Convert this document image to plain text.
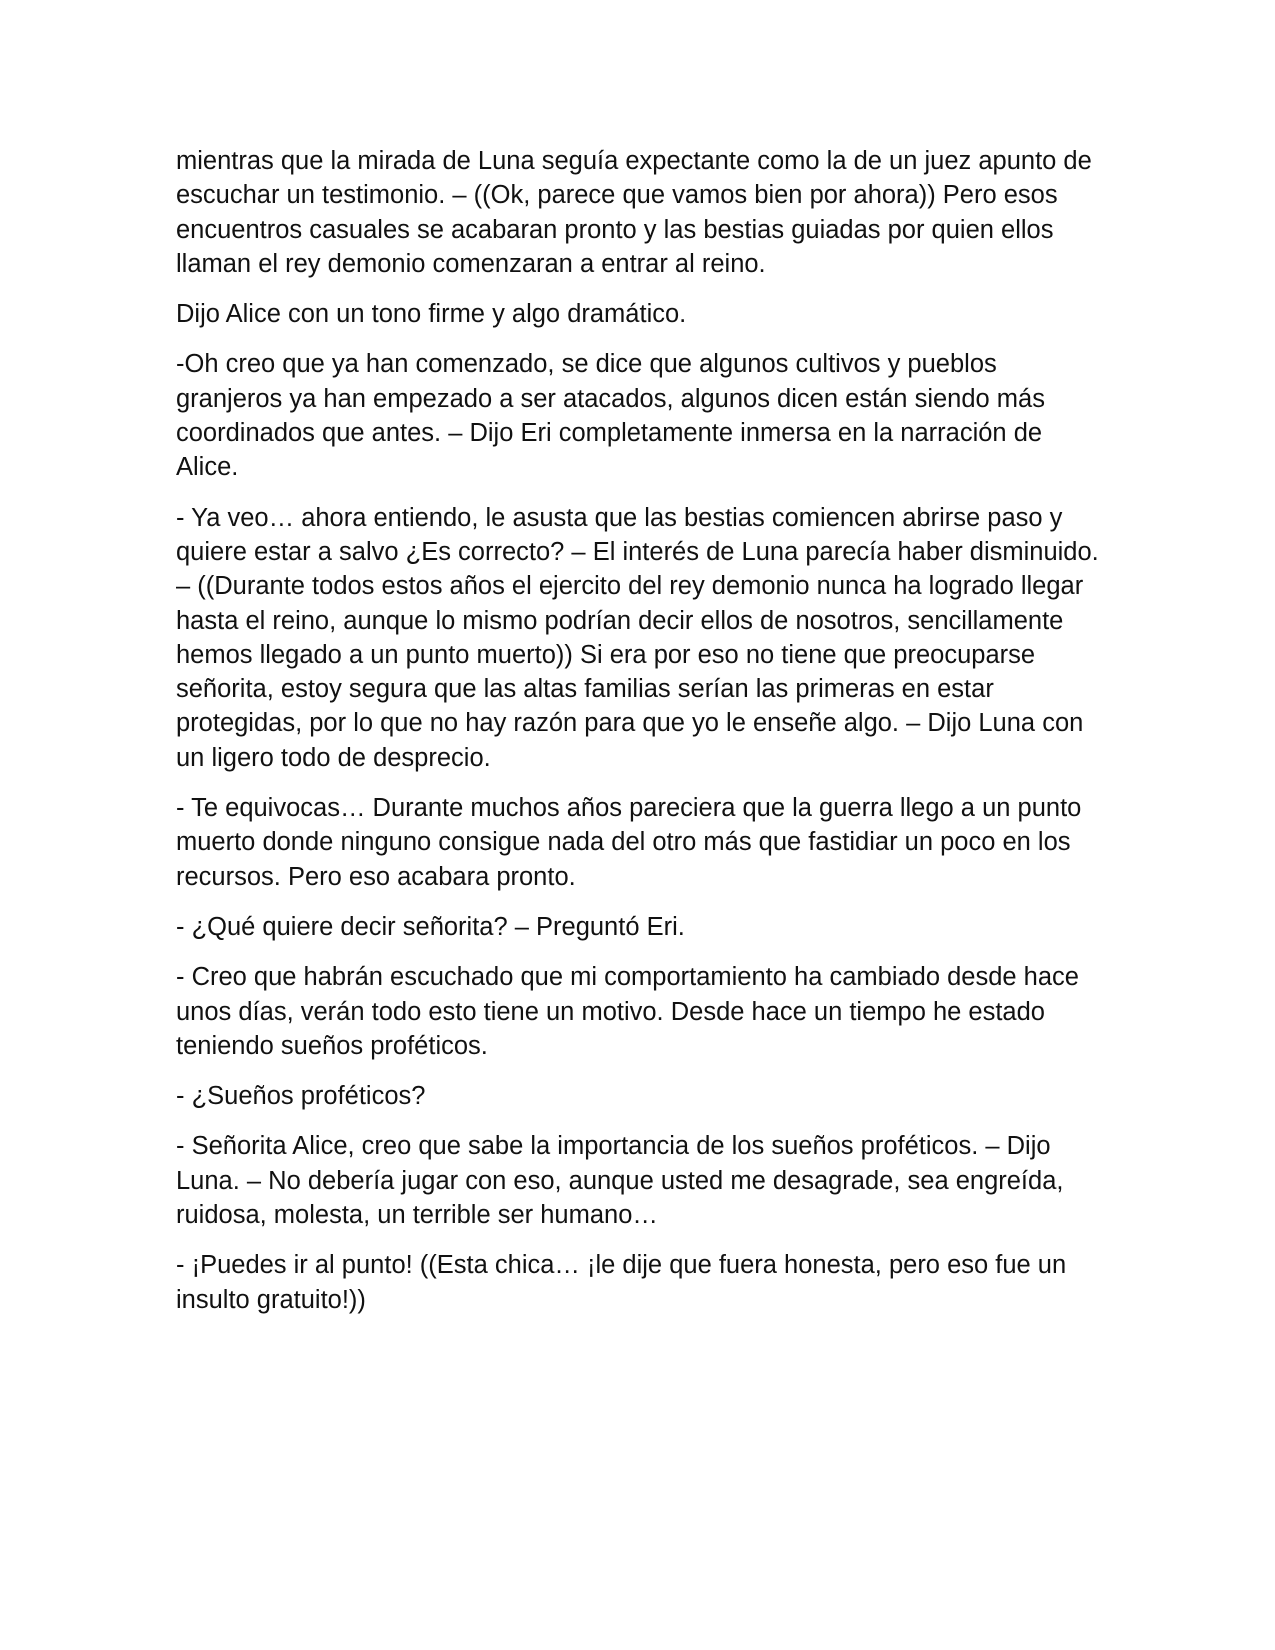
mientras que la mirada de Luna seguía expectante como la de un juez apunto de escuchar un testimonio. – ((Ok, parece que vamos bien por ahora)) Pero esos encuentros casuales se acabaran pronto y las bestias guiadas por quien ellos llaman el rey demonio comenzaran a entrar al reino.

Dijo Alice con un tono firme y algo dramático.

-Oh creo que ya han comenzado, se dice que algunos cultivos y pueblos granjeros ya han empezado a ser atacados, algunos dicen están siendo más coordinados que antes. – Dijo Eri completamente inmersa en la narración de Alice.

- Ya veo… ahora entiendo, le asusta que las bestias comiencen abrirse paso y quiere estar a salvo ¿Es correcto? – El interés de Luna parecía haber disminuido. – ((Durante todos estos años el ejercito del rey demonio nunca ha logrado llegar hasta el reino, aunque lo mismo podrían decir ellos de nosotros, sencillamente hemos llegado a un punto muerto)) Si era por eso no tiene que preocuparse señorita, estoy segura que las altas familias serían las primeras en estar protegidas, por lo que no hay razón para que yo le enseñe algo. – Dijo Luna con un ligero todo de desprecio.

- Te equivocas… Durante muchos años pareciera que la guerra llego a un punto muerto donde ninguno consigue nada del otro más que fastidiar un poco en los recursos. Pero eso acabara pronto.

- ¿Qué quiere decir señorita? – Preguntó Eri.

- Creo que habrán escuchado que mi comportamiento ha cambiado desde hace unos días, verán todo esto tiene un motivo. Desde hace un tiempo he estado teniendo sueños proféticos.

- ¿Sueños proféticos?

- Señorita Alice, creo que sabe la importancia de los sueños proféticos. – Dijo Luna. – No debería jugar con eso, aunque usted me desagrade, sea engreída, ruidosa, molesta, un terrible ser humano…

- ¡Puedes ir al punto! ((Esta chica… ¡le dije que fuera honesta, pero eso fue un insulto gratuito!))
